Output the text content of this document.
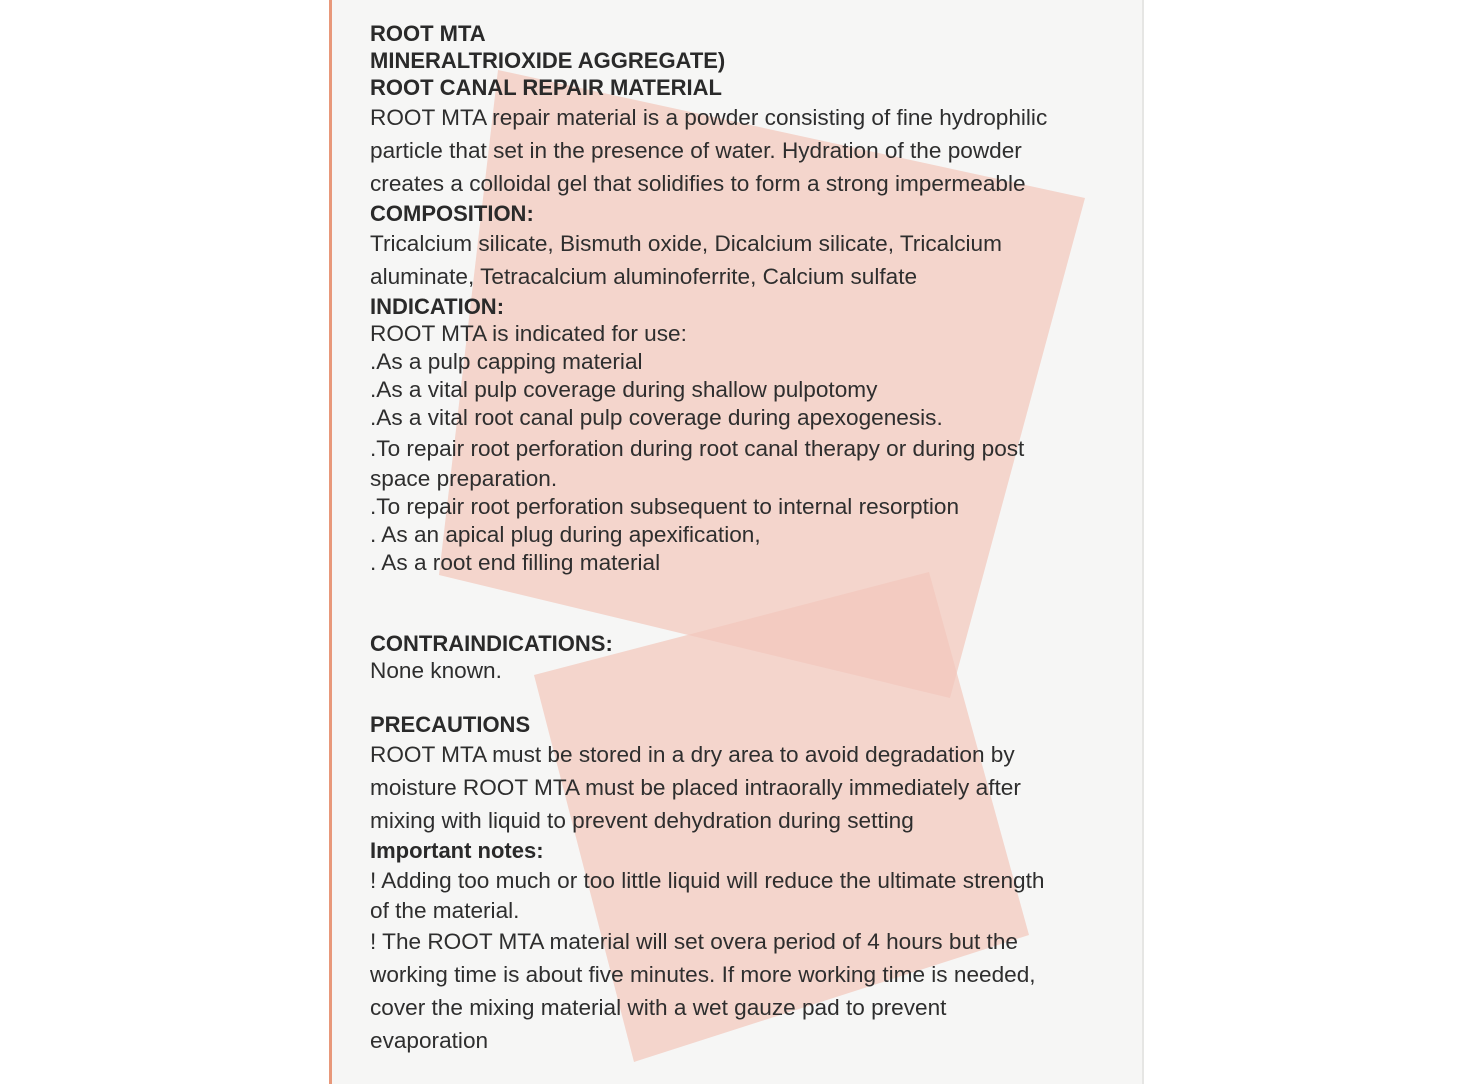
ROOT MTA
MINERALTRIOXIDE AGGREGATE)
ROOT CANAL REPAIR MATERIAL
ROOT MTA repair material is a powder consisting of fine hydrophilic
particle that set in the presence of water. Hydration of the powder
creates a colloidal gel that solidifies to form a strong impermeable
COMPOSITION:
Tricalcium silicate, Bismuth oxide, Dicalcium silicate, Tricalcium
aluminate, Tetracalcium aluminoferrite, Calcium sulfate
INDICATION:
ROOT MTA is indicated for use:
.As a pulp capping material
.As a vital pulp coverage during shallow pulpotomy
.As a vital root canal pulp coverage during apexogenesis.
.To repair root perforation during root canal therapy or during post
space preparation.
.To repair root perforation subsequent to internal resorption
. As an apical plug during apexification,
. As a root end filling material
CONTRAINDICATIONS:
None known.
PRECAUTIONS
ROOT MTA must be stored in a dry area to avoid degradation by
moisture ROOT MTA must be placed intraorally immediately after
mixing with liquid to prevent dehydration during setting
Important notes:
! Adding too much or too little liquid will reduce the ultimate strength
of the material.
! The ROOT MTA material will set overa period of 4 hours but the
working time is about five minutes. If more working time is needed,
cover the mixing material with a wet gauze pad to prevent
evaporation
